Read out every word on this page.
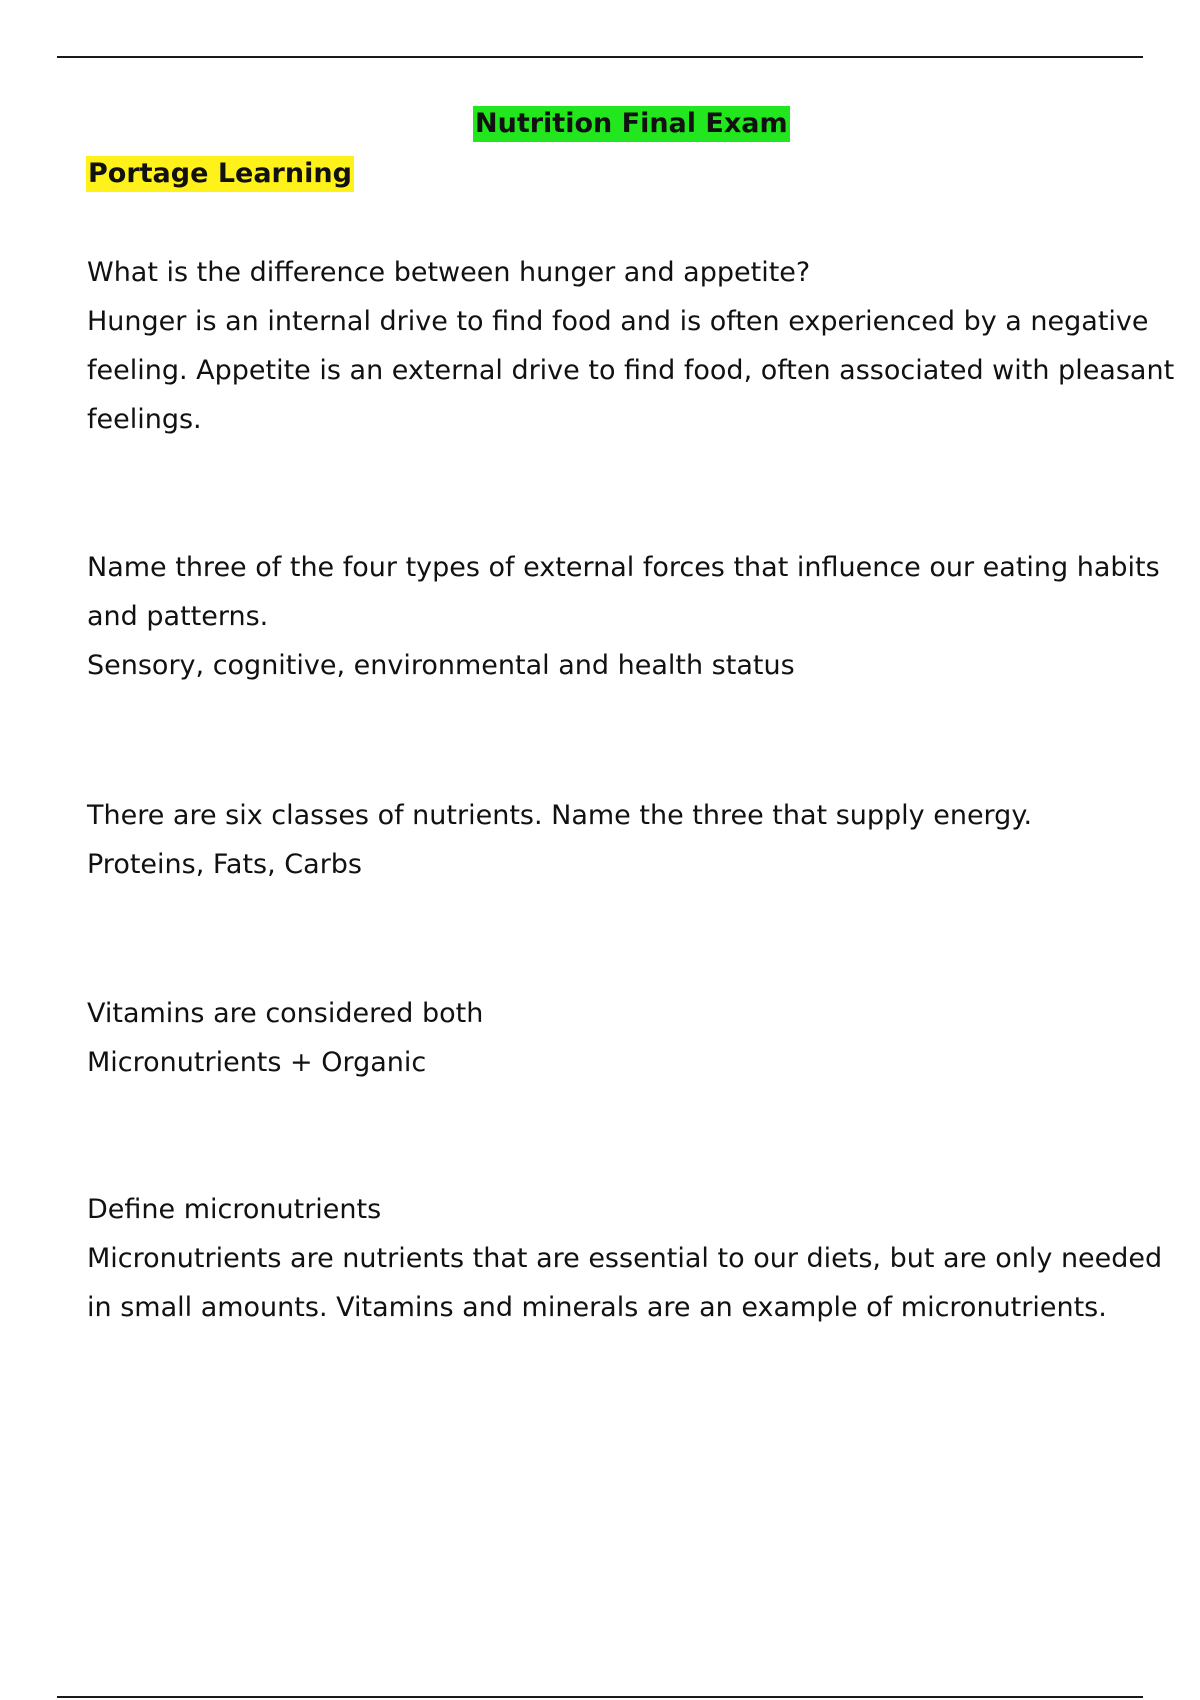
Nutrition Final Exam
Portage Learning

What is the difference between hunger and appetite?

Hunger is an internal drive to find food and is often experienced by a negative feeling. Appetite is an external drive to find food, often associated with pleasant feelings.

Name three of the four types of external forces that influence our eating habits and patterns.

Sensory, cognitive, environmental and health status

There are six classes of nutrients. Name the three that supply energy.

Proteins, Fats, Carbs

Vitamins are considered both

Micronutrients + Organic

Define micronutrients

Micronutrients are nutrients that are essential to our diets, but are only needed in small amounts. Vitamins and minerals are an example of micronutrients.
